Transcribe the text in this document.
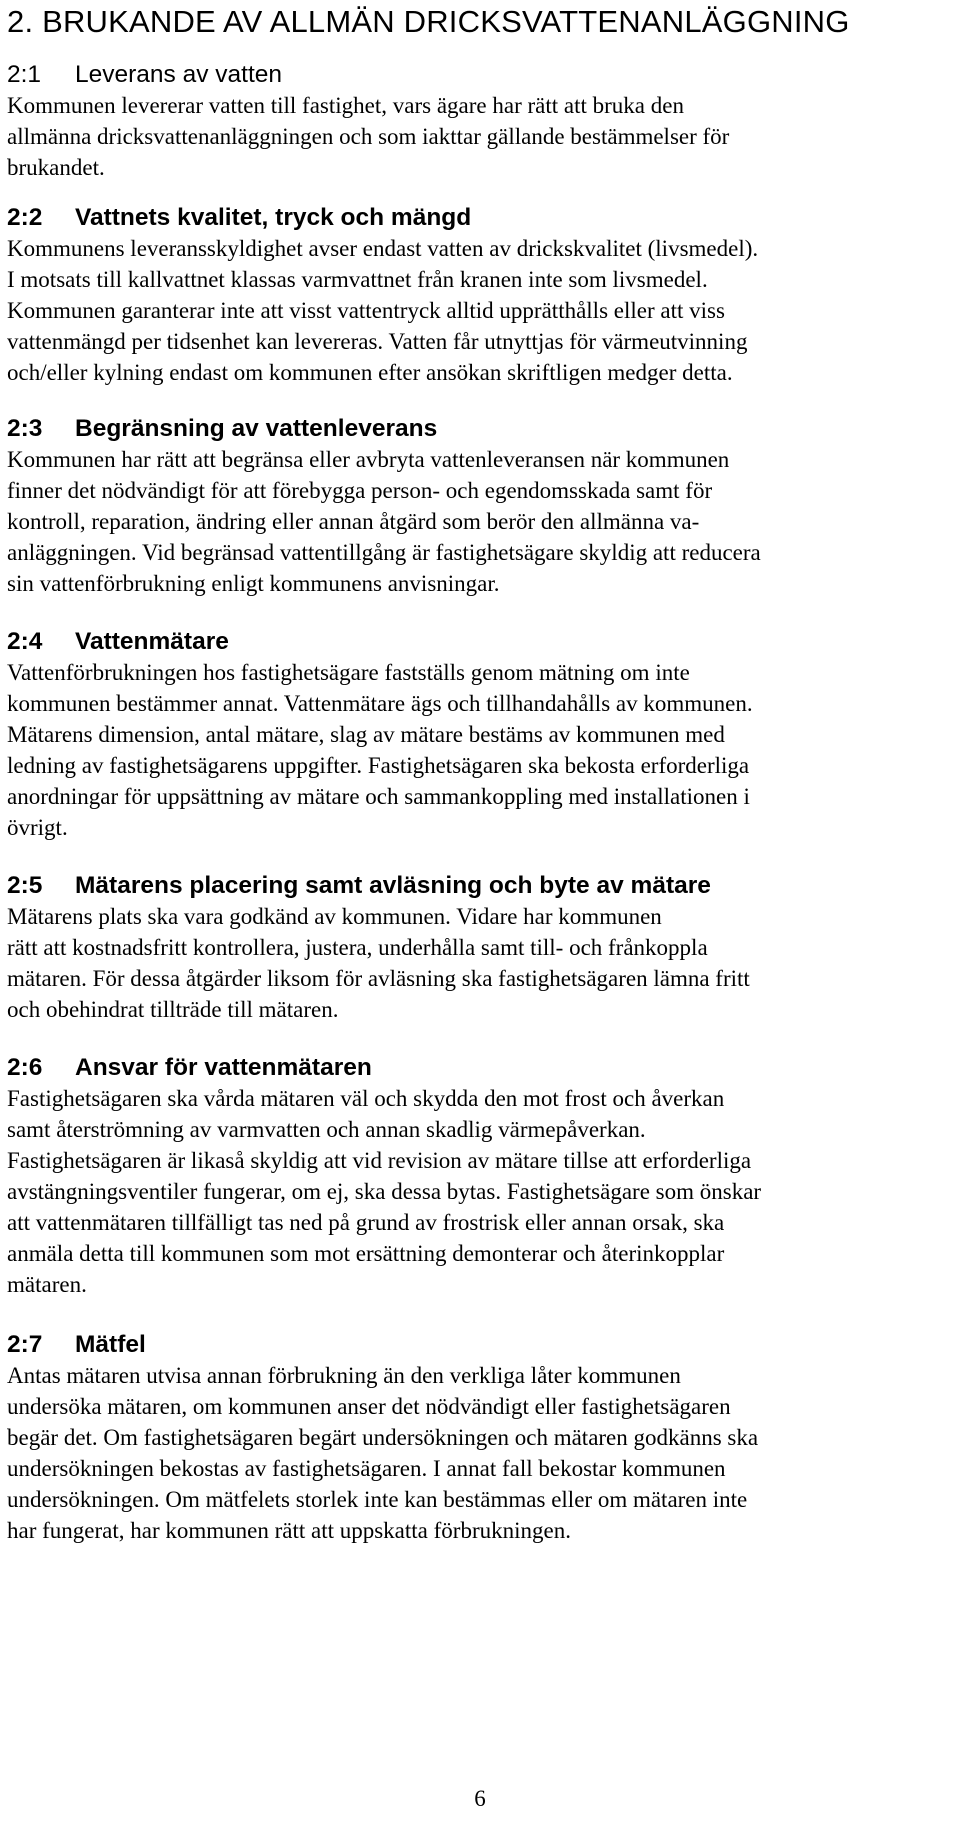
2. BRUKANDE AV ALLMÄN DRICKSVATTENANLÄGGNING
2:1 Leverans av vatten

Kommunen levererar vatten till fastighet, vars ägare har rätt att bruka den
allmänna dricksvattenanläggningen och som iakttar gällande bestämmelser för
brukandet.

2:2 Vattnets kvalitet, tryck och mängd

Kommunens leveransskyldighet avser endast vatten av drickskvalitet (livsmedel).
I motsats till kallvattnet klassas varmvattnet från kranen inte som livsmedel.
Kommunen garanterar inte att visst vattentryck alltid upprätthålls eller att viss
vattenmängd per tidsenhet kan levereras. Vatten får utnyttjas för värmeutvinning
och/eller kylning endast om kommunen efter ansökan skriftligen medger detta.

2:3 Begränsning av vattenleverans

Kommunen har rätt att begränsa eller avbryta vattenleveransen när kommunen
finner det nödvändigt för att förebygga person- och egendomsskada samt för
kontroll, reparation, ändring eller annan åtgärd som berör den allmänna va-
anläggningen. Vid begränsad vattentillgång är fastighetsägare skyldig att reducera
sin vattenförbrukning enligt kommunens anvisningar.

2:4 Vattenmätare

Vattenförbrukningen hos fastighetsägare fastställs genom mätning om inte
kommunen bestämmer annat. Vattenmätare ägs och tillhandahålls av kommunen.
Mätarens dimension, antal mätare, slag av mätare bestäms av kommunen med
ledning av fastighetsägarens uppgifter. Fastighetsägaren ska bekosta erforderliga
anordningar för uppsättning av mätare och sammankoppling med installationen i
övrigt.

2:5 Mätarens placering samt avläsning och byte av mätare

Mätarens plats ska vara godkänd av kommunen. Vidare har kommunen
rätt att kostnadsfritt kontrollera, justera, underhålla samt till- och frånkoppla
mätaren. För dessa åtgärder liksom för avläsning ska fastighetsägaren lämna fritt
och obehindrat tillträde till mätaren.

2:6 Ansvar för vattenmätaren

Fastighetsägaren ska vårda mätaren väl och skydda den mot frost och åverkan
samt återströmning av varmvatten och annan skadlig värmepåverkan.
Fastighetsägaren är likaså skyldig att vid revision av mätare tillse att erforderliga
avstängningsventiler fungerar, om ej, ska dessa bytas. Fastighetsägare som önskar
att vattenmätaren tillfälligt tas ned på grund av frostrisk eller annan orsak, ska
anmäla detta till kommunen som mot ersättning demonterar och återinkopplar
mätaren.

2:7 Mätfel

Antas mätaren utvisa annan förbrukning än den verkliga låter kommunen
undersöka mätaren, om kommunen anser det nödvändigt eller fastighetsägaren
begär det. Om fastighetsägaren begärt undersökningen och mätaren godkänns ska
undersökningen bekostas av fastighetsägaren. I annat fall bekostar kommunen
undersökningen. Om mätfelets storlek inte kan bestämmas eller om mätaren inte
har fungerat, har kommunen rätt att uppskatta förbrukningen.

6
